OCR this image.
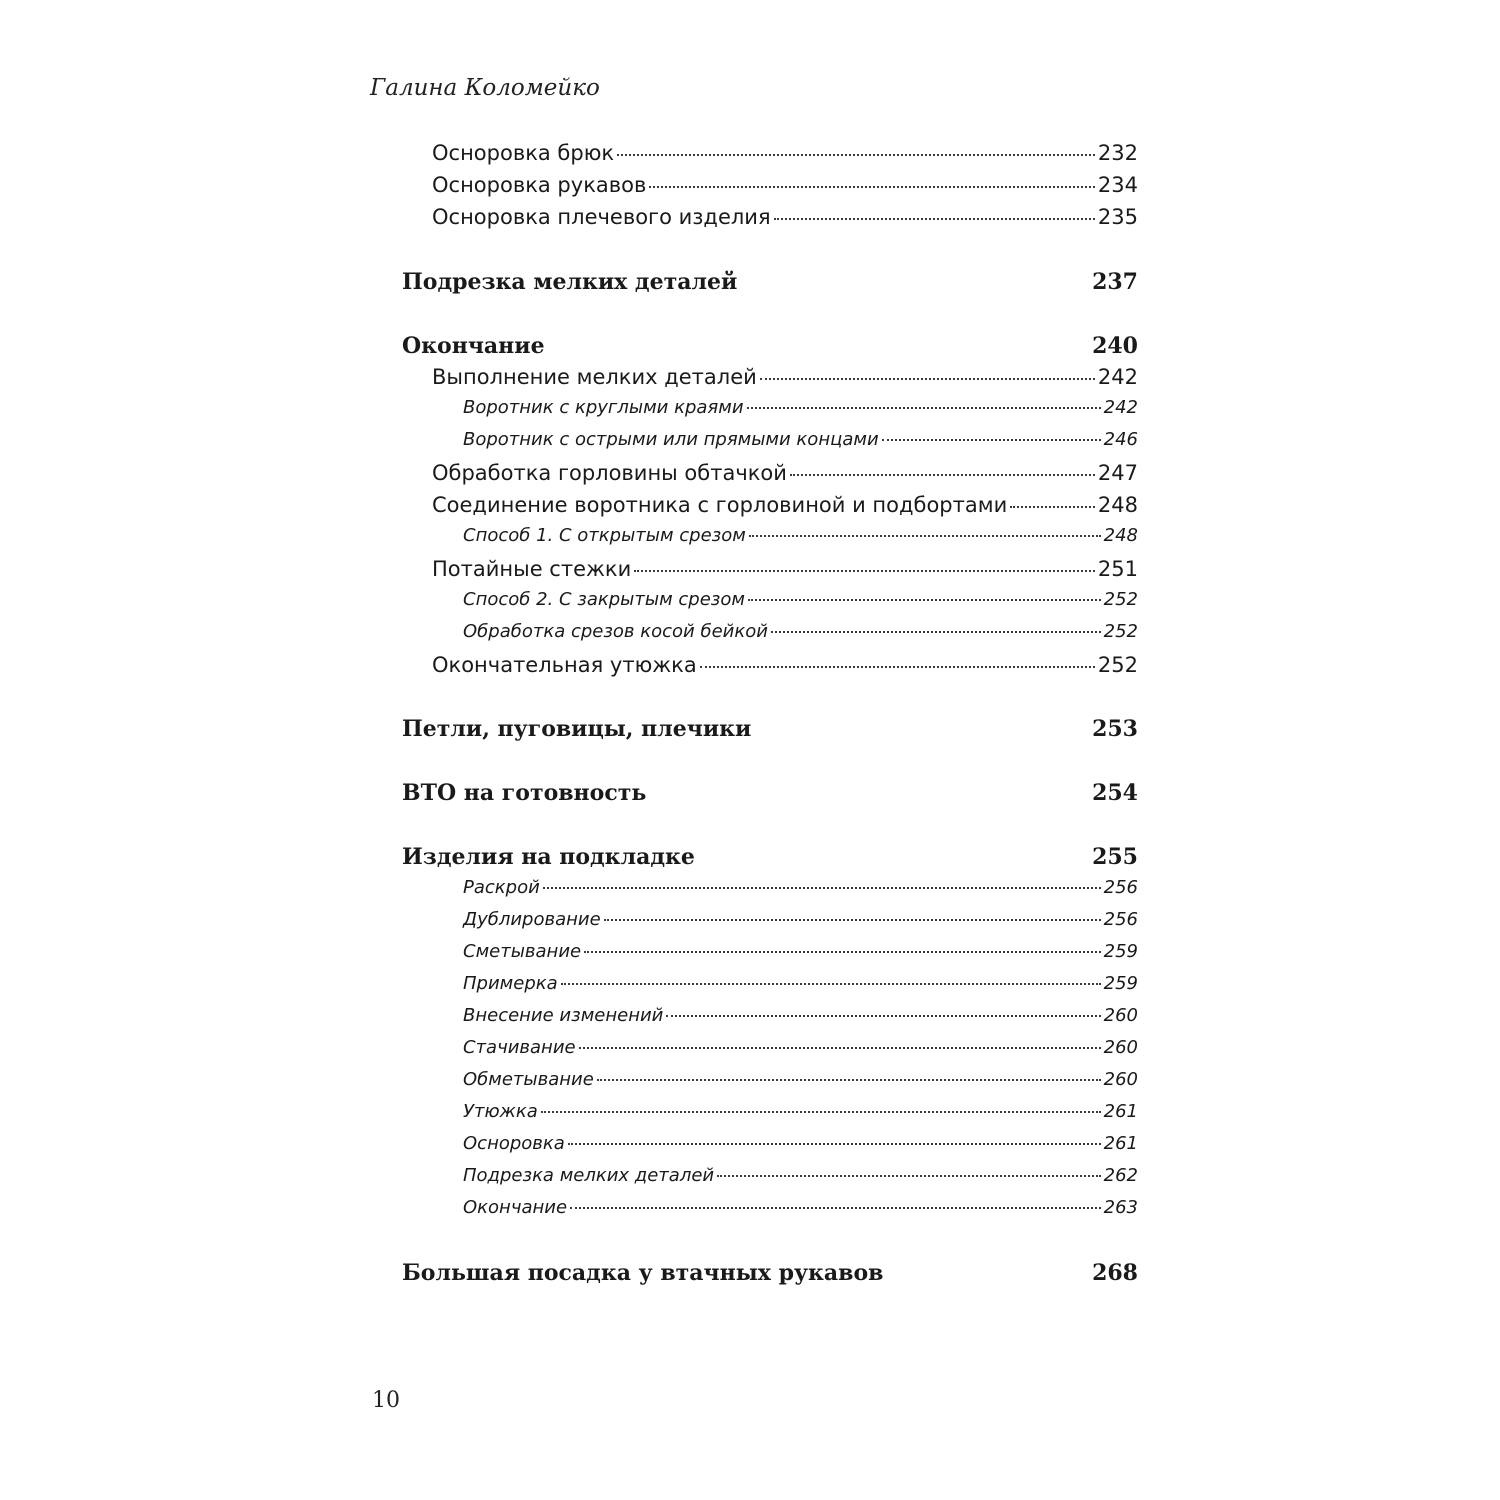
Галина Коломейко
Осноровка брюк	232
Осноровка рукавов	234
Осноровка плечевого изделия	235
Подрезка мелких деталей	237
Окончание	240
Выполнение мелких деталей	242
Воротник с круглыми краями	242
Воротник с острыми или прямыми концами	246
Обработка горловины обтачкой	247
Соединение воротника с горловиной и подбортами	248
Способ 1. С открытым срезом	248
Потайные стежки	251
Способ 2. С закрытым срезом	252
Обработка срезов косой бейкой	252
Окончательная утюжка	252
Петли, пуговицы, плечики	253
ВТО на готовность	254
Изделия на подкладке	255
Раскрой	256
Дублирование	256
Сметывание	259
Примерка	259
Внесение изменений	260
Стачивание	260
Обметывание	260
Утюжка	261
Осноровка	261
Подрезка мелких деталей	262
Окончание	263
Большая посадка у втачных рукавов	268
10
